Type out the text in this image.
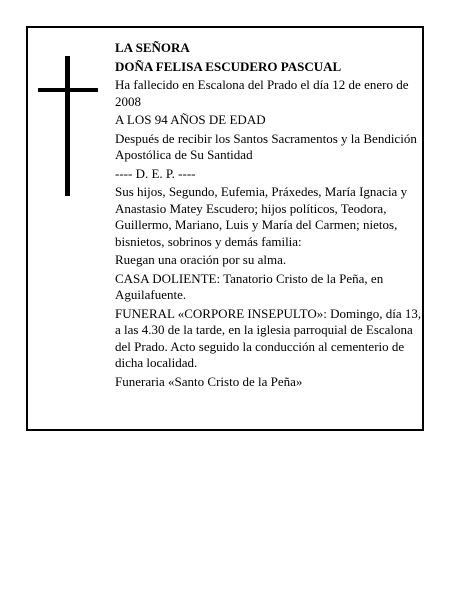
LA SEÑORA

DOÑA FELISA ESCUDERO PASCUAL

Ha fallecido en Escalona del Prado el día 12 de enero de 2008

A LOS 94 AÑOS DE EDAD

Después de recibir los Santos Sacramentos y la Bendición Apostólica de Su Santidad

---- D. E. P. ----

Sus hijos, Segundo, Eufemia, Práxedes, María Ignacia y Anastasio Matey Escudero; hijos políticos, Teodora, Guillermo, Mariano, Luis y María del Carmen; nietos, bisnietos, sobrinos y demás familia:

Ruegan una oración por su alma.

CASA DOLIENTE: Tanatorio Cristo de la Peña, en Aguilafuente.

FUNERAL «CORPORE INSEPULTO»: Domingo, día 13, a las 4.30 de la tarde, en la iglesia parroquial de Escalona del Prado. Acto seguido la conducción al cementerio de dicha localidad.

Funeraria «Santo Cristo de la Peña»
